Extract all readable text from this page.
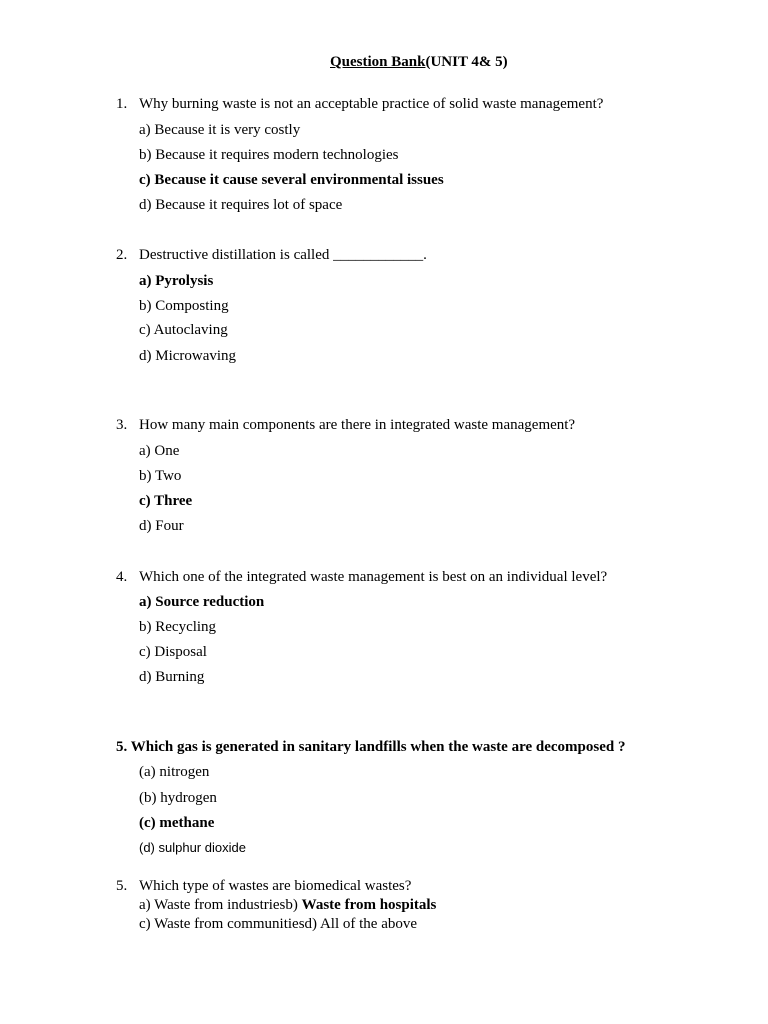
Question Bank(UNIT 4& 5)
1. Why burning waste is not an acceptable practice of solid waste management?
a) Because it is very costly
b) Because it requires modern technologies
c) Because it cause several environmental issues
d) Because it requires lot of space
2. Destructive distillation is called ____________.
a) Pyrolysis
b) Composting
c) Autoclaving
d) Microwaving
3. How many main components are there in integrated waste management?
a) One
b) Two
c) Three
d) Four
4. Which one of the integrated waste management is best on an individual level?
a) Source reduction
b) Recycling
c) Disposal
d) Burning
5. Which gas is generated in sanitary landfills when the waste are decomposed ?
(a) nitrogen
(b) hydrogen
(c) methane
(d) sulphur dioxide
5. Which type of wastes are biomedical wastes?
a) Waste from industriesb) Waste from hospitals
c) Waste from communitiesd) All of the above
